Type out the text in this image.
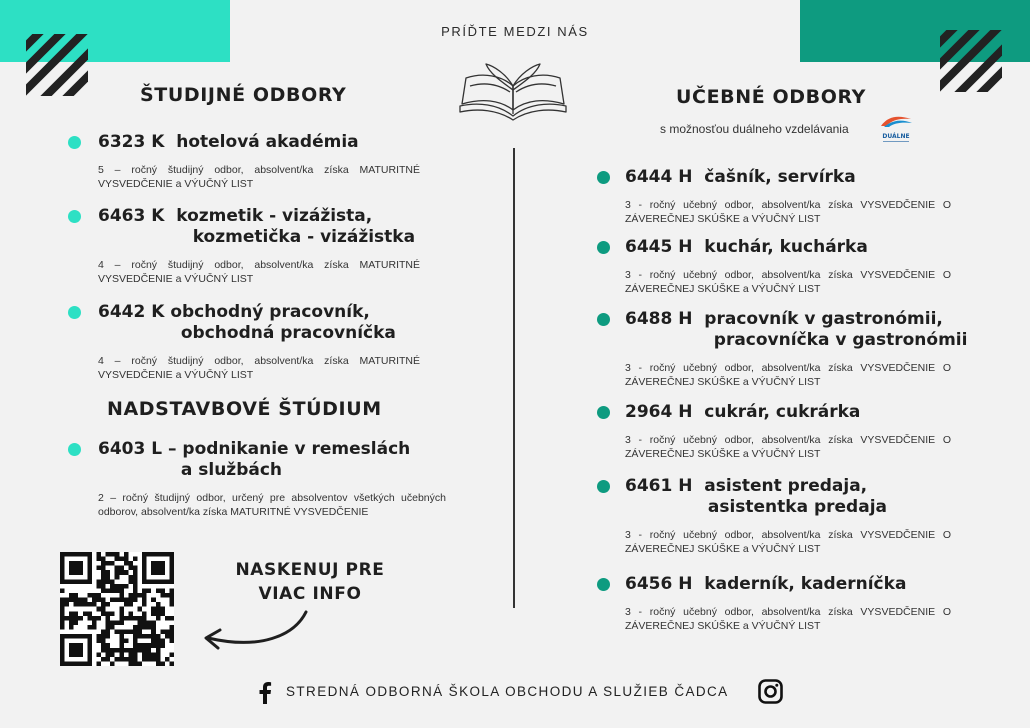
PRÍĎTE MEDZI NÁS
ŠTUDIJNÉ ODBORY
6323 K  hotelová akadémia
5 – ročný študijný odbor, absolvent/ka získa MATURITNÉ VYSVEDČENIE a VÝUČNÝ LIST
6463 K  kozmetik - vizážista,
kozmetička - vizážistka
4 – ročný študijný odbor, absolvent/ka získa MATURITNÉ VYSVEDČENIE a VÝUČNÝ LIST
6442 K obchodný pracovník,
obchodná pracovníčka
4 – ročný študijný odbor, absolvent/ka získa MATURITNÉ VYSVEDČENIE a VÝUČNÝ LIST
NADSTAVBOVÉ ŠTÚDIUM
6403 L – podnikanie v remeslách
a službách
2 – ročný študijný odbor, určený pre absolventov všetkých učebných odborov, absolvent/ka získa MATURITNÉ VYSVEDČENIE
NASKENUJ PRE
VIAC INFO
UČEBNÉ ODBORY
s možnosťou duálneho vzdelávania
DUÁLNE
6444 H  čašník, servírka
3 - ročný učebný odbor, absolvent/ka získa VYSVEDČENIE O ZÁVEREČNEJ SKÚŠKE a VÝUČNÝ LIST
6445 H  kuchár, kuchárka
3 - ročný učebný odbor, absolvent/ka získa VYSVEDČENIE O ZÁVEREČNEJ SKÚŠKE a VÝUČNÝ LIST
6488 H  pracovník v gastronómii,
pracovníčka v gastronómii
3 - ročný učebný odbor, absolvent/ka získa VYSVEDČENIE O ZÁVEREČNEJ SKÚŠKE a VÝUČNÝ LIST
2964 H  cukrár, cukrárka
3 - ročný učebný odbor, absolvent/ka získa VYSVEDČENIE O ZÁVEREČNEJ SKÚŠKE a VÝUČNÝ LIST
6461 H  asistent predaja,
asistentka predaja
3 - ročný učebný odbor, absolvent/ka získa VYSVEDČENIE O ZÁVEREČNEJ SKÚŠKE a VÝUČNÝ LIST
6456 H  kaderník, kaderníčka
3 - ročný učebný odbor, absolvent/ka získa VYSVEDČENIE O ZÁVEREČNEJ SKÚŠKE a VÝUČNÝ LIST
STREDNÁ ODBORNÁ ŠKOLA OBCHODU A SLUŽIEB ČADCA
